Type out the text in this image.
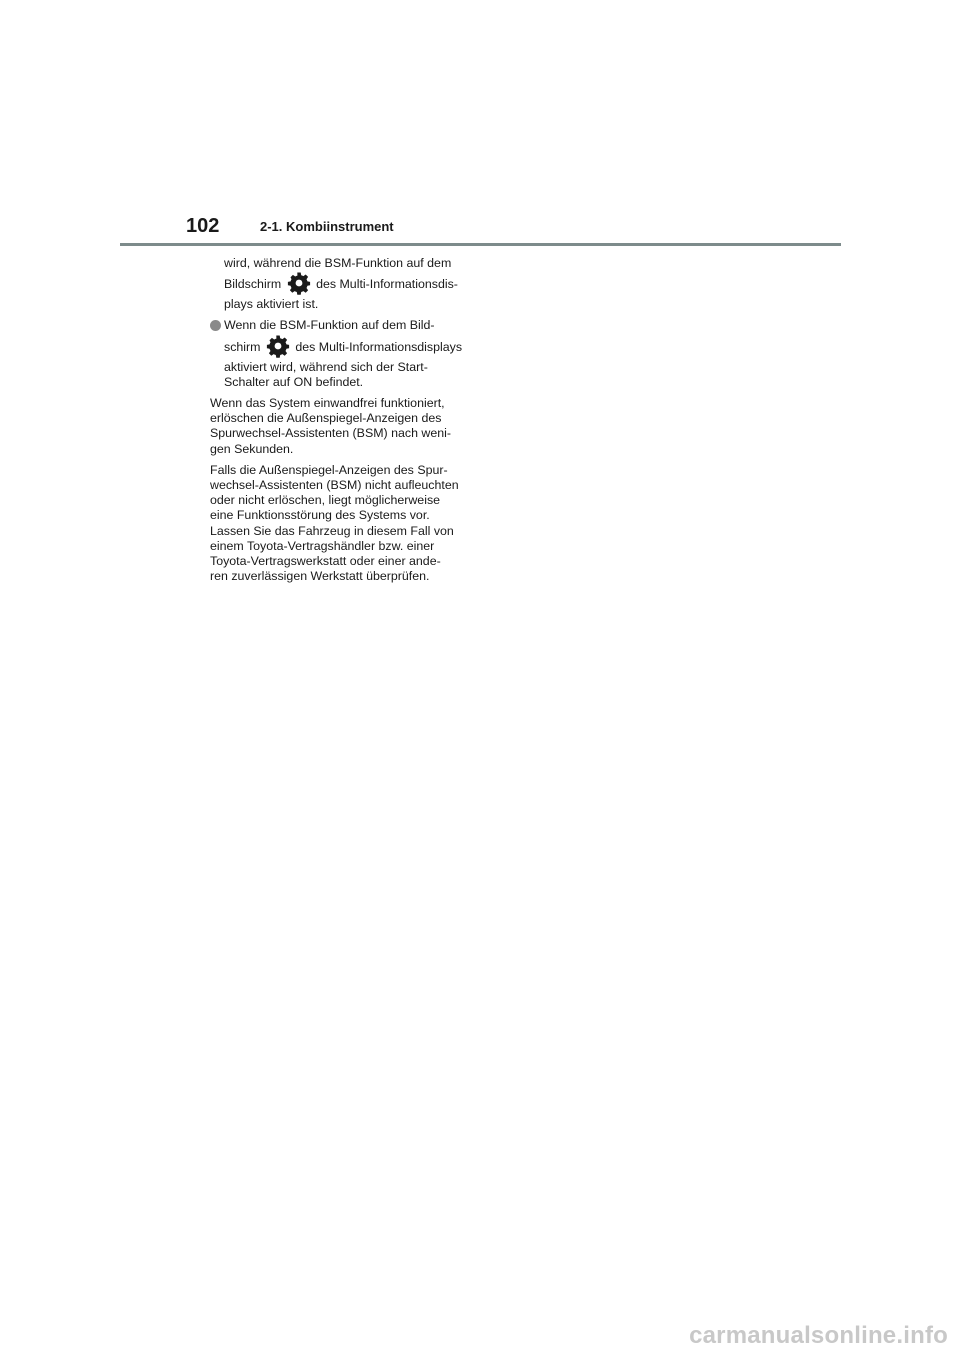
102	2-1. Kombiinstrument
wird, während die BSM-Funktion auf dem
Bildschirm	des Multi-Informationsdis-
plays aktiviert ist.
Wenn die BSM-Funktion auf dem Bild-
schirm	des Multi-Informationsdisplays
aktiviert wird, während sich der Start-
Schalter auf ON befindet.
Wenn das System einwandfrei funktioniert,
erlöschen die Außenspiegel-Anzeigen des
Spurwechsel-Assistenten (BSM) nach weni-
gen Sekunden.
Falls die Außenspiegel-Anzeigen des Spur-
wechsel-Assistenten (BSM) nicht aufleuchten
oder nicht erlöschen, liegt möglicherweise
eine Funktionsstörung des Systems vor.
Lassen Sie das Fahrzeug in diesem Fall von
einem Toyota-Vertragshändler bzw. einer
Toyota-Vertragswerkstatt oder einer ande-
ren zuverlässigen Werkstatt überprüfen.
carmanualsonline.info
